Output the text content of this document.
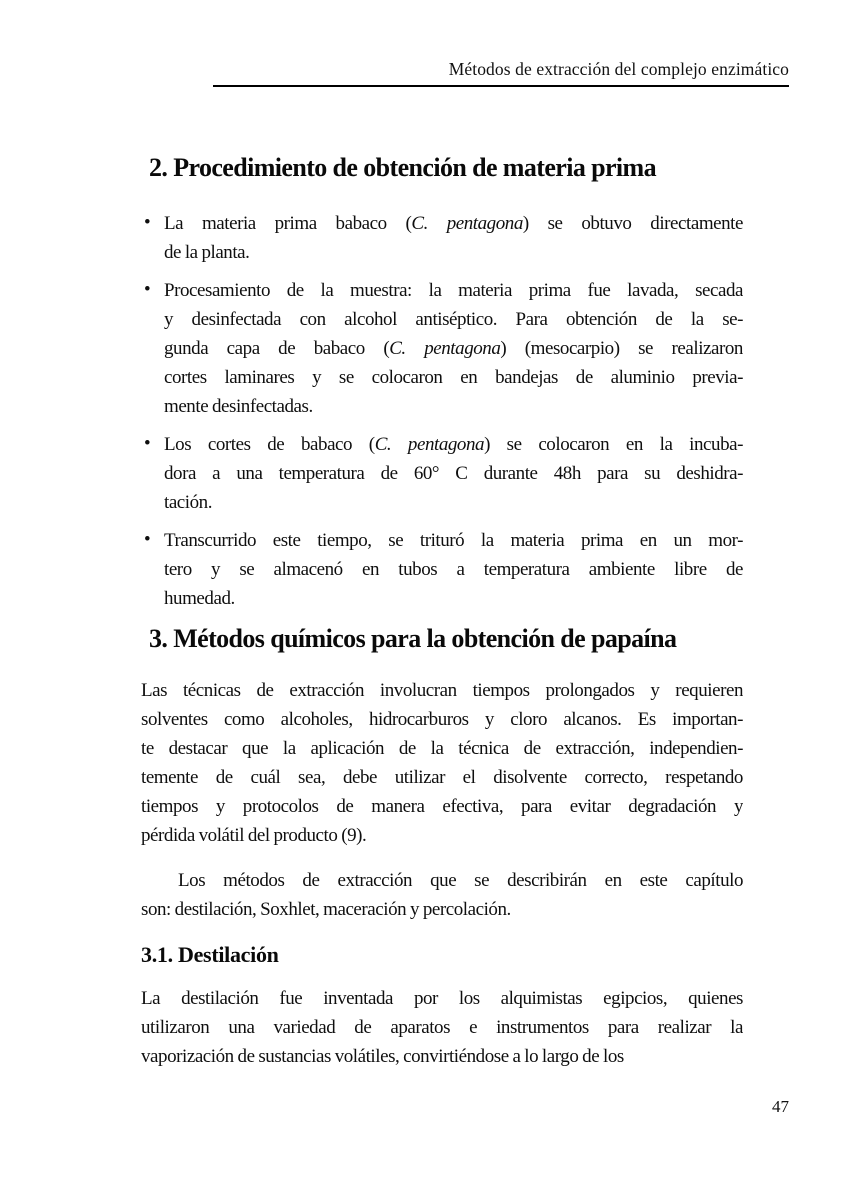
Métodos de extracción del complejo enzimático
2. Procedimiento de obtención de materia prima
• La materia prima babaco (C. pentagona) se obtuvo directamente
de la planta.
• Procesamiento de la muestra: la materia prima fue lavada, secada
y desinfectada con alcohol antiséptico. Para obtención de la se-
gunda capa de babaco (C. pentagona) (mesocarpio) se realizaron
cortes laminares y se colocaron en bandejas de aluminio previa-
mente desinfectadas.
• Los cortes de babaco (C. pentagona) se colocaron en la incuba-
dora a una temperatura de 60° C durante 48h para su deshidra-
tación.
• Transcurrido este tiempo, se trituró la materia prima en un mor-
tero y se almacenó en tubos a temperatura ambiente libre de
humedad.
3. Métodos químicos para la obtención de papaína
Las técnicas de extracción involucran tiempos prolongados y requieren
solventes como alcoholes, hidrocarburos y cloro alcanos. Es importan-
te destacar que la aplicación de la técnica de extracción, independien-
temente de cuál sea, debe utilizar el disolvente correcto, respetando
tiempos y protocolos de manera efectiva, para evitar degradación y
pérdida volátil del producto (9).
Los métodos de extracción que se describirán en este capítulo
son: destilación, Soxhlet, maceración y percolación.
3.1. Destilación
La destilación fue inventada por los alquimistas egipcios, quienes
utilizaron una variedad de aparatos e instrumentos para realizar la
vaporización de sustancias volátiles, convirtiéndose a lo largo de los
47
